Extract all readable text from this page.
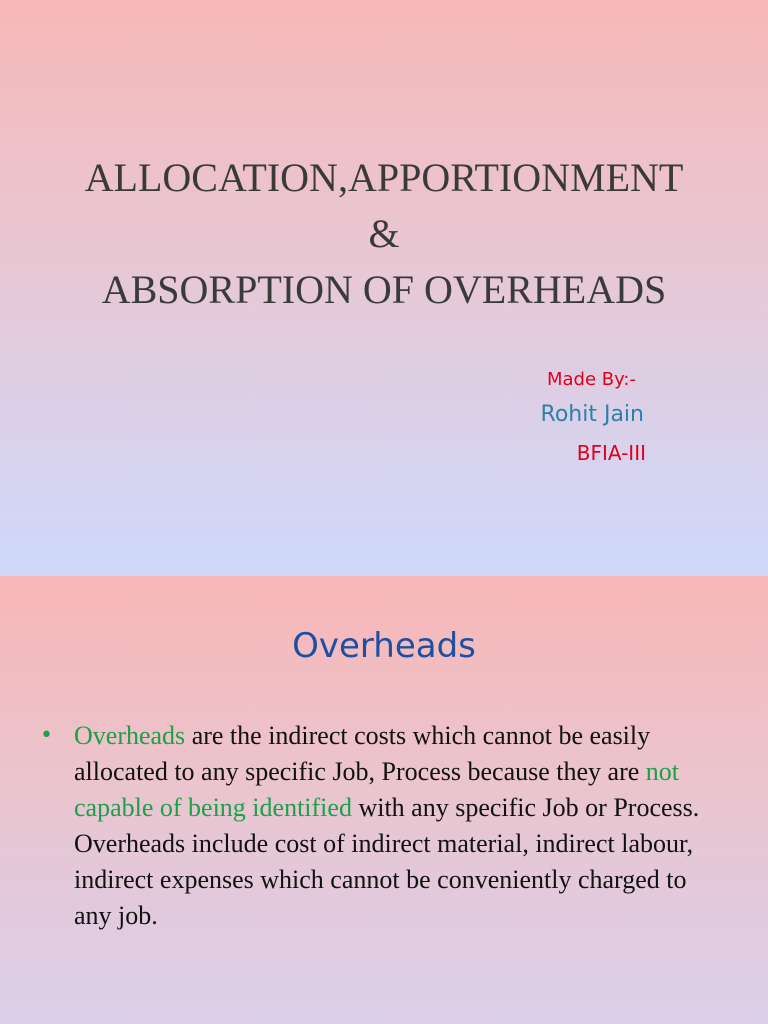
ALLOCATION,APPORTIONMENT
&
ABSORPTION OF OVERHEADS
Made By:-
Rohit Jain
BFIA-III
Overheads
• Overheads are the indirect costs which cannot be easily allocated to any specific Job, Process because they are not capable of being identified with any specific Job or Process. Overheads include cost of indirect material, indirect labour, indirect expenses which cannot be conveniently charged to any job.
